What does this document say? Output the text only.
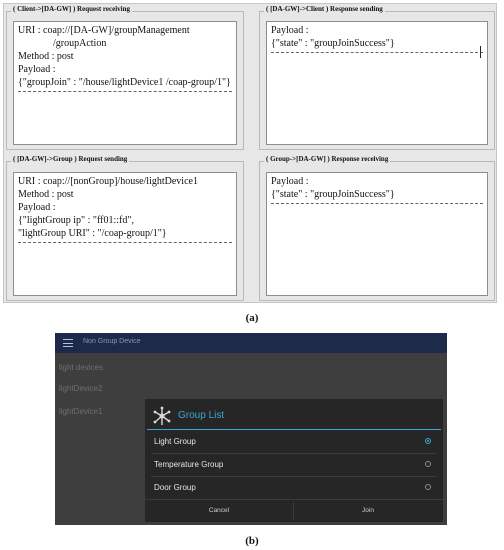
( Client->[DA-GW] ) Request receiving
URI : coap://[DA-GW]/groupManagement
/groupAction
Method : post
Payload :
{"groupJoin" : "/house/lightDevice1 /coap-group/1"}
( [DA-GW]->Client ) Response sending
Payload :
{"state" : "groupJoinSuccess"}
( [DA-GW]->Group ) Request sending
URI : coap://[nonGroup]/house/lightDevice1
Method : post
Payload :
{"lightGroup ip" : "ff01::fd",
"lightGroup URI" : "/coap-group/1"}
( Group->[DA-GW] ) Response receiving
Payload :
{"state" : "groupJoinSuccess"}
(a)
Non Group Device
light devices
lightDevice2
lightDevice1	Group List
Light Group
Temperature Group
Door Group
Cancel	Join
(b)
